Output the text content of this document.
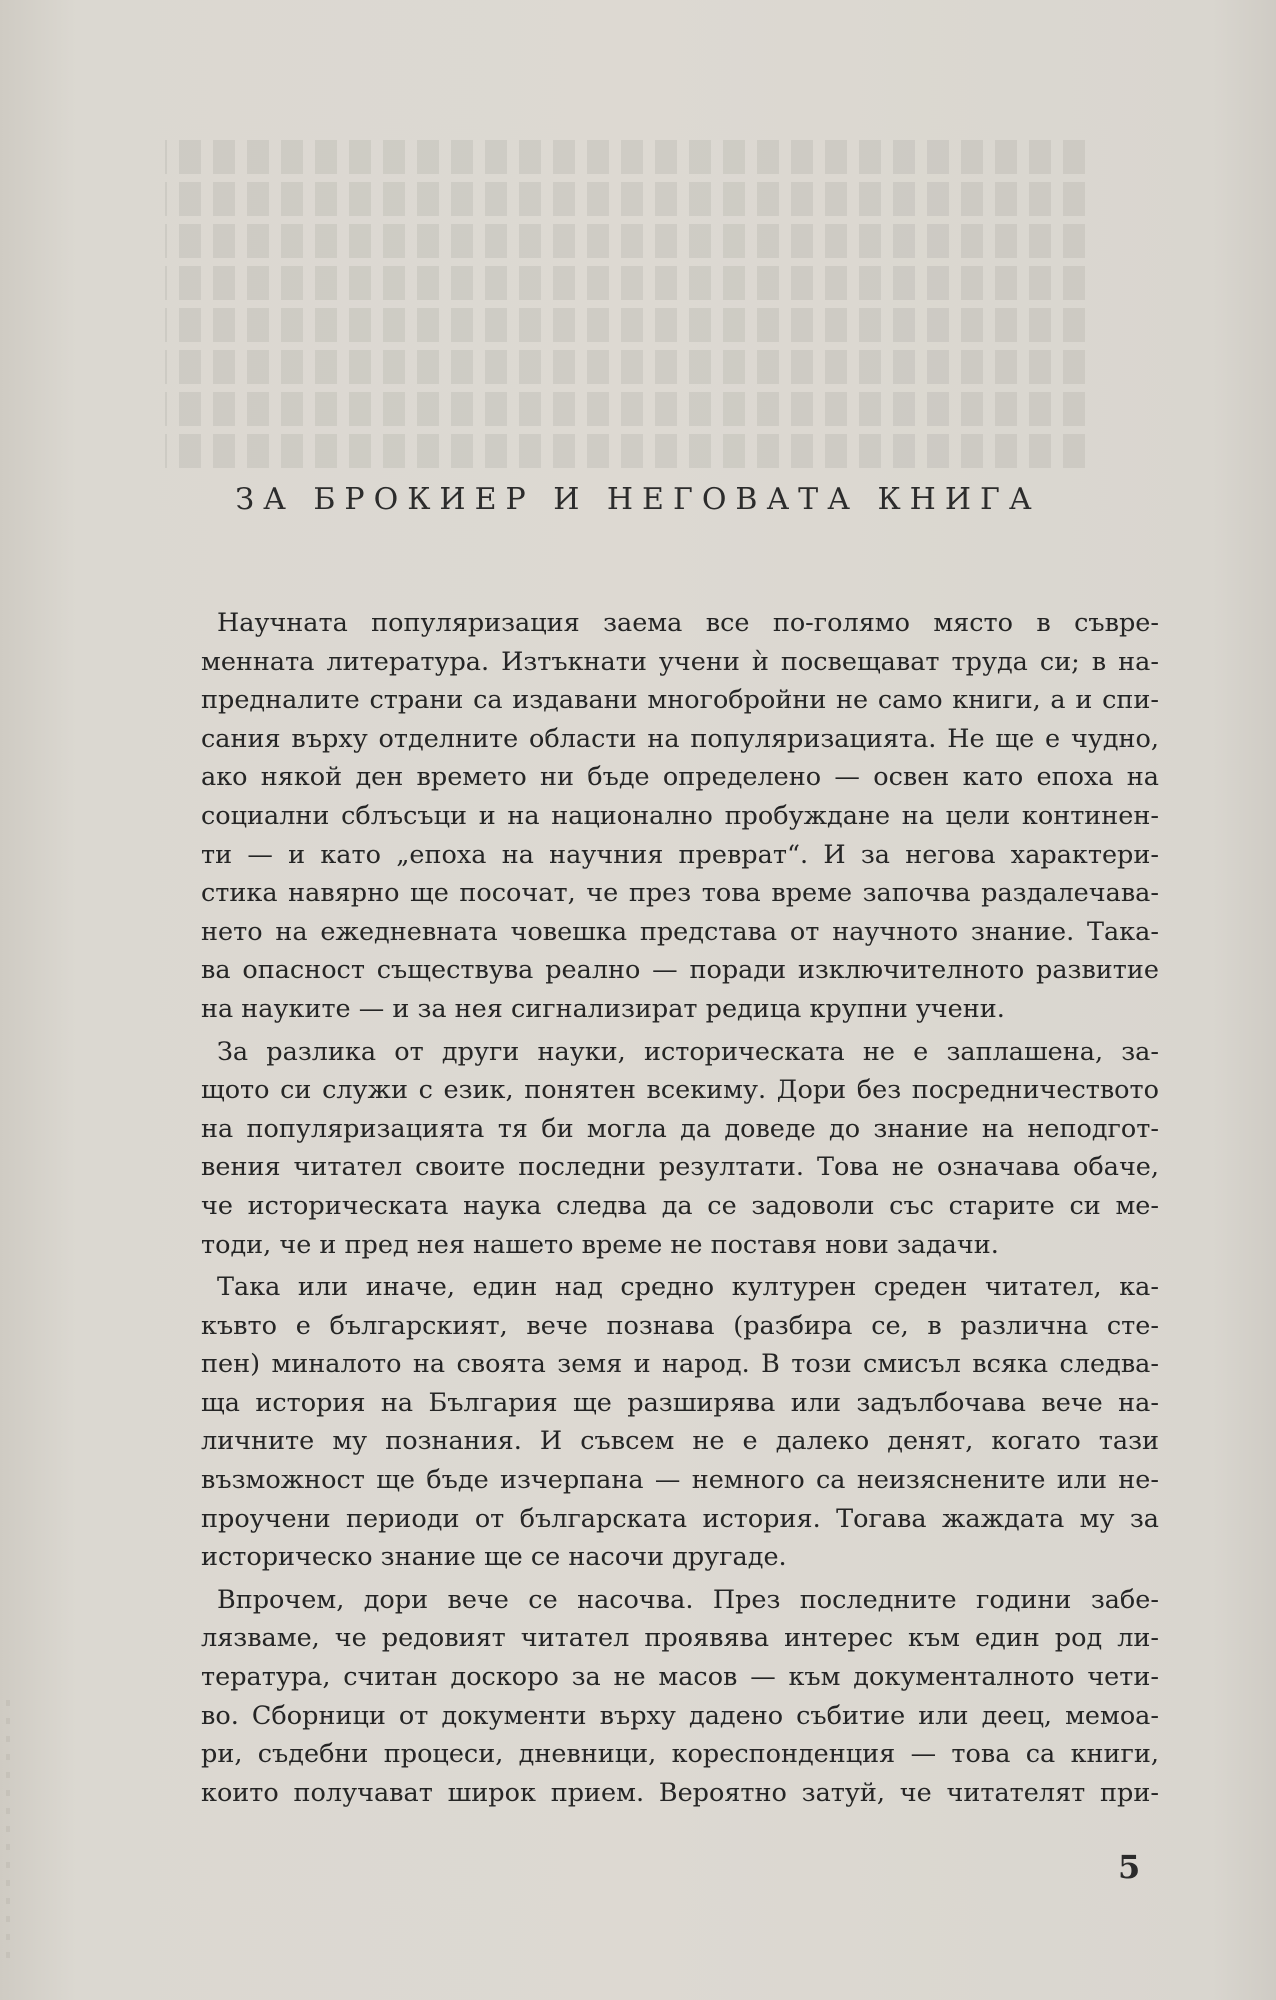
ЗА БРОКИЕР И НЕГОВАТА КНИГА
Научната популяризация заема все по-голямо място в съвре-
менната литература. Изтъкнати учени ѝ посвещават труда си; в на-
предналите страни са издавани многобройни не само книги, а и спи-
сания върху отделните области на популяризацията. Не ще е чудно,
ако някой ден времето ни бъде определено — освен като епоха на
социални сблъсъци и на национално пробуждане на цели континен-
ти — и като „епоха на научния преврат“. И за негова характери-
стика навярно ще посочат, че през това време започва раздалечава-
нето на ежедневната човешка представа от научното знание. Така-
ва опасност съществува реално — поради изключителното развитие
на науките — и за нея сигнализират редица крупни учени.
За разлика от други науки, историческата не е заплашена, за-
щото си служи с език, понятен всекиму. Дори без посредничеството
на популяризацията тя би могла да доведе до знание на неподгот-
вения читател своите последни резултати. Това не означава обаче,
че историческата наука следва да се задоволи със старите си ме-
тоди, че и пред нея нашето време не поставя нови задачи.
Така или иначе, един над средно културен среден читател, ка-
къвто е българският, вече познава (разбира се, в различна сте-
пен) миналото на своята земя и народ. В този смисъл всяка следва-
ща история на България ще разширява или задълбочава вече на-
личните му познания. И съвсем не е далеко денят, когато тази
възможност ще бъде изчерпана — немного са неизяснените или не-
проучени периоди от българската история. Тогава жаждата му за
историческо знание ще се насочи другаде.
Впрочем, дори вече се насочва. През последните години забе-
лязваме, че редовият читател проявява интерес към един род ли-
тература, считан доскоро за не масов — към документалното чети-
во. Сборници от документи върху дадено събитие или деец, мемоа-
ри, съдебни процеси, дневници, кореспонденция — това са книги,
които получават широк прием. Вероятно затуй, че читателят при-
5
